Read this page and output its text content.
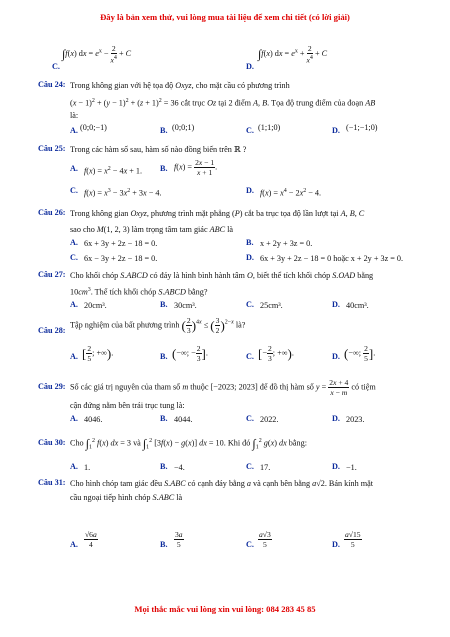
Đây là bản xem thử, vui lòng mua tài liệu để xem chi tiết (có lời giải)
∫f(x) dx = $e^x - \frac{2}{x^4} + C$
C.
∫f(x) dx = $e^x + \frac{2}{x^4} + C$
D.
Câu 24: Trong không gian với hệ tọa độ Oxyz, cho mặt cầu có phương trình
$(x - 1)^2 + (y - 1)^2 + (z + 1)^2 = 36$ cắt trục Oz tại 2 điểm A, B. Tọa độ trung điểm của đoạn AB
là:
A. (0;0;−1)	B. (0;0;1)	C. (1;1;0)	D. (−1;−1;0)
Câu 25: Trong các hàm số sau, hàm số nào đồng biến trên ℝ ?
A. $f(x) = x^2 - 4x + 1$. B. $f(x) = \frac{2x - 1}{x + 1}$ .
C. $f(x) = x^3 - 3x^2 + 3x - 4$.	D. $f(x) = x^4 - 2x^2 - 4$.
Câu 26: Trong không gian Oxyz, phương trình mặt phẳng (P) cắt ba trục tọa độ lần lượt tại A, B, C
sao cho M(1, 2, 3) làm trọng tâm tam giác ABC là
A. 6x + 3y + 2z − 18 = 0.	B. x + 2y + 3z = 0.
C. 6x − 3y + 2z − 18 = 0.	D. 6x + 3y + 2z − 18 = 0 hoặc x + 2y + 3z = 0.
Câu 27: Cho khối chóp S.ABCD có đáy là hình bình hành tâm O, biết thể tích khối chóp S.OAD bằng
$10cm^3$. Thể tích khối chóp S.ABCD bằng?
A. 20cm³.	B. 30cm³.	C. 25cm³.	D. 40cm³.
Câu 28:
Tập nghiệm của bất phương trình ( $\frac{2}{3} )^{4x}$ ≤ ( $\frac{3}{2} )^{2-x}$ là?
A. [ $\frac{2}{5}$ ; +∞).	B. (−∞; − $\frac{2}{3}$ ].	C. [− $\frac{2}{3}$ ; +∞).	D. (−∞; $\frac{2}{5}$ ].
Câu 29: Số các giá trị nguyên của tham số m thuộc [−2023; 2023] để đồ thị hàm số $y = \frac{2x + 4}{x - m}$ có tiệm
cận đứng nằm bên trái trục tung là:
A. 4046.	B. 4044.	C. 2022.	D. 2023.
Câu 30: Cho $\int_1^2$ f(x) dx = 3 và $\int_1^2$ [3f(x) − g(x)] dx = 10. Khi đó $\int_1^2$ g(x) dx bằng:
A. 1.	B. −4.	C. 17.	D. −1.
Câu 31: Cho hình chóp tam giác đều S.ABC có cạnh đáy bằng a và cạnh bên bằng a√2. Bán kính mặt
cầu ngoại tiếp hình chóp S.ABC là
A. $\frac{√6a}{4}$	B. $\frac{3a}{5}$	C. $\frac{a√3}{5}$	D. $\frac{a√15}{5}$
Mọi thắc mắc vui lòng xin vui lòng: 084 283 45 85
